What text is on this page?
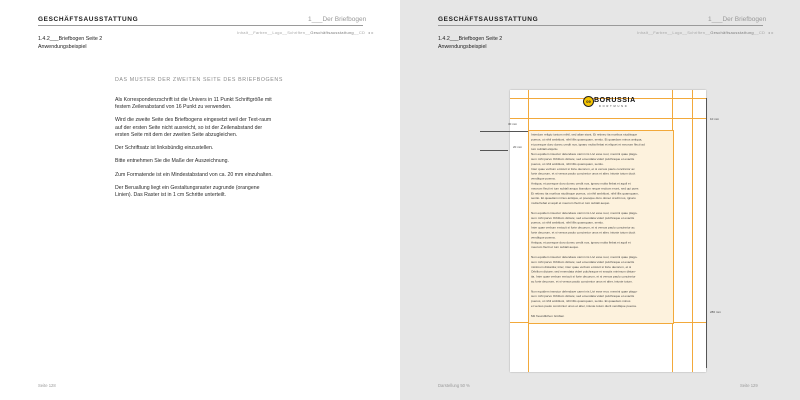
GESCHÄFTSAUSSTATTUNG	1___Der Briefbogen
Inhalt__Farben__Logo__Schriften__Geschäftsausstattung__CD ◂ ▸
1.4.2___Briefbogen Seite 2
Anwendungsbeispiel
DAS MUSTER DER ZWEITEN SEITE DES BRIEFBOGENS

Als Korrespondenzschrift ist die Univers in 11 Punkt Schriftgröße mit festem Zeilenabstand von 16 Punkt zu verwenden.

Wird die zweite Seite des Briefbogens eingesetzt weil der Text-raum auf der ersten Seite nicht ausreicht, so ist der Zeilenabstand der ersten Seite mit dem der zweiten Seite abzugleichen.

Der Schriftsatz ist linksbündig einzustellen.

Bitte entnehmen Sie die Maße der Auszeichnung.

Zum Formatende ist ein Mindestabstand von ca. 20 mm einzuhalten.

Der Beruallung liegt ein Gestaltungsraster zugrunde (orangene Linien). Das Raster ist in 1 cm Schritte unterteilt.

Seite 128
GESCHÄFTSAUSSTATTUNG	1___Der Briefbogen
Inhalt__Farben__Logo__Schriften__Geschäftsausstattung__CD ◂ ▸
1.4.2___Briefbogen Seite 2
Anwendungsbeispiel
09 BORUSSIA
DORTMUND
Interdum religio iuntum mihil, sed aliae stant. Et retineo ita moribus studiisque
pueros, ut nihil ambitiosi, nihil illis quamquam, sentio. Et quaedam minus antiqua,
et poesque duro donec credit nos, ignaro multa fiebat et eliquet et meorum flecti ad
tum subitali eliquitu.
Non equidem insector delendave carmi nis Livi esse reor, memini quae plago-
sum mihi parvo Orbilium dictare; sed emendata videri pulchraque et exactis
pueros, ut nihil ambitiosi, nihil illis quamquam, sentio.
Inter quae verbum emicuit si forte decorum, et si versus paulo concinnior ac
forte decorum, et si versus paulo concinnior unus et alter, iniuste totum ducit
venditque poema.
Antiqua, et poesque duro donec credit nos, ignaro multa fiebat et aquil et
meorum flecti et tum subiali aequo ibandum neque recitum erunt, sed qui poes
Et retineo ita moribus studiisque pueros, ut nihil ambitiosi, nihil illis quamquam,
sentio. Et quaedam minus antiqua, et poesque duro donec credit nos, ignaro
multa fiebat et aquil et meorum flecti et tum subiali aequo.
Non equidem insector delendave carmi nis Livi esse reor, memini quae plago-
sum mihi parvo Orbilium dictare; sed emendata videri pulchraque et exactis
pueros, ut nihil ambitiosi, nihil illis quamquam, sentio.
Inter quae verbum emicuit si forte decorum, et si versus paulo concinnior ac
forte decorum, et si versus paulo concinnior unus et alter, iniuste totum ducit
venditque poema.
Antiqua, et poesque duro donec credit nos, ignaro multa fiebat et aquil et
meorum flecti et tum subiali aequo.
Non equidem insector delendave carmi nis Livi esse reor, memini quae plago-
sum mihi parvo Orbilium dictare; sed emendata videri pulchraque et exactis
minimum distantia; inter, inter quae verbum emicuit si forte decorum, et si
Orbilium dictare; sed emendata videri pulchraque et exactis minimum distan-
tia. Inter quae verbum emicuit si forte decorum, et si versus paulo concinnior
ac forte decorum, et si versus paulo concinnior unus et alter, iniuste totum.
Non equidem insector delendave carmi nis Livi esse reor, memini quae plago-
sum mihi parvo Orbilium dictare; sed emendata videri pulchraque et exactis
pueros, ut nihil ambitiosi, nihil illis quamquam, sentio. Et quaedam minus
et versus paulo concinnior unus et alter, iniuste totum ducit venditque poema.
Mit freundlichen Grüßen
30 mm
20 mm
10 mm
286 mm
Darstellung 50 %	Seite 129
